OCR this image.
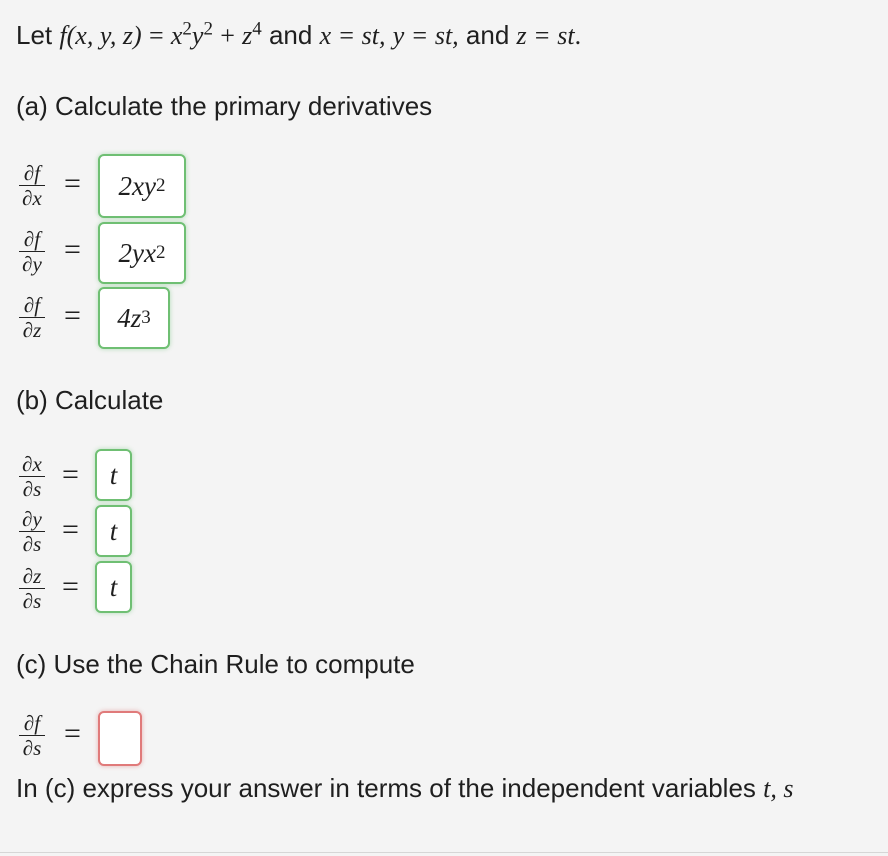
Let f(x, y, $z) = x^2y^2 + z^4$ and x = st, y = st, and z = st.
(a) Calculate the primary derivatives
∂f
∂x = 2xy 2
∂f
∂y = 2yx 2
∂f
∂z = 4z 3
(b) Calculate
∂x
∂s = t
∂y
∂s = t
∂z
∂s = t
(c) Use the Chain Rule to compute
∂f
∂s =
In (c) express your answer in terms of the independent variables t, s
